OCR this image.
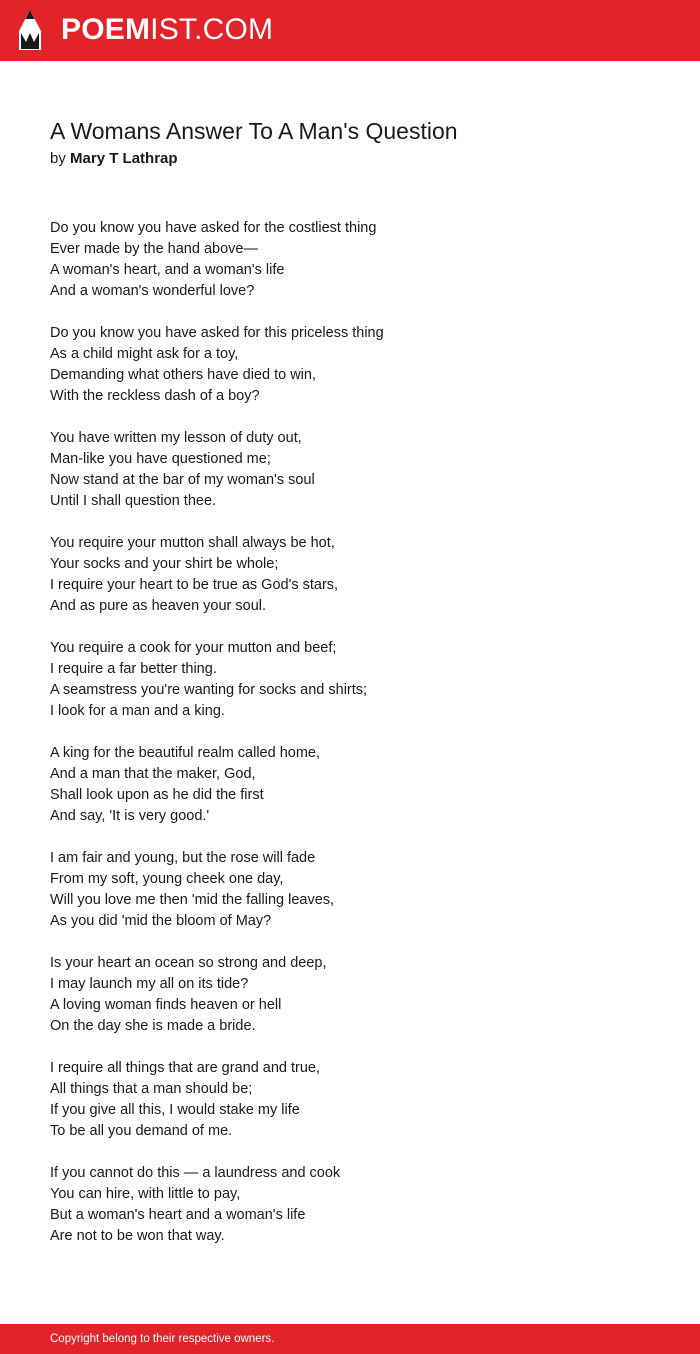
POEMIST.COM
A Womans Answer To A Man's Question
by Mary T Lathrap
Do you know you have asked for the costliest thing
Ever made by the hand above—
A woman's heart, and a woman's life
And a woman's wonderful love?
Do you know you have asked for this priceless thing
As a child might ask for a toy,
Demanding what others have died to win,
With the reckless dash of a boy?
You have written my lesson of duty out,
Man-like you have questioned me;
Now stand at the bar of my woman's soul
Until I shall question thee.
You require your mutton shall always be hot,
Your socks and your shirt be whole;
I require your heart to be true as God's stars,
And as pure as heaven your soul.
You require a cook for your mutton and beef;
I require a far better thing.
A seamstress you're wanting for socks and shirts;
I look for a man and a king.
A king for the beautiful realm called home,
And a man that the maker, God,
Shall look upon as he did the first
And say, 'It is very good.'
I am fair and young, but the rose will fade
From my soft, young cheek one day,
Will you love me then 'mid the falling leaves,
As you did 'mid the bloom of May?
Is your heart an ocean so strong and deep,
I may launch my all on its tide?
A loving woman finds heaven or hell
On the day she is made a bride.
I require all things that are grand and true,
All things that a man should be;
If you give all this, I would stake my life
To be all you demand of me.
If you cannot do this — a laundress and cook
You can hire, with little to pay,
But a woman's heart and a woman's life
Are not to be won that way.
Copyright belong to their respective owners.
